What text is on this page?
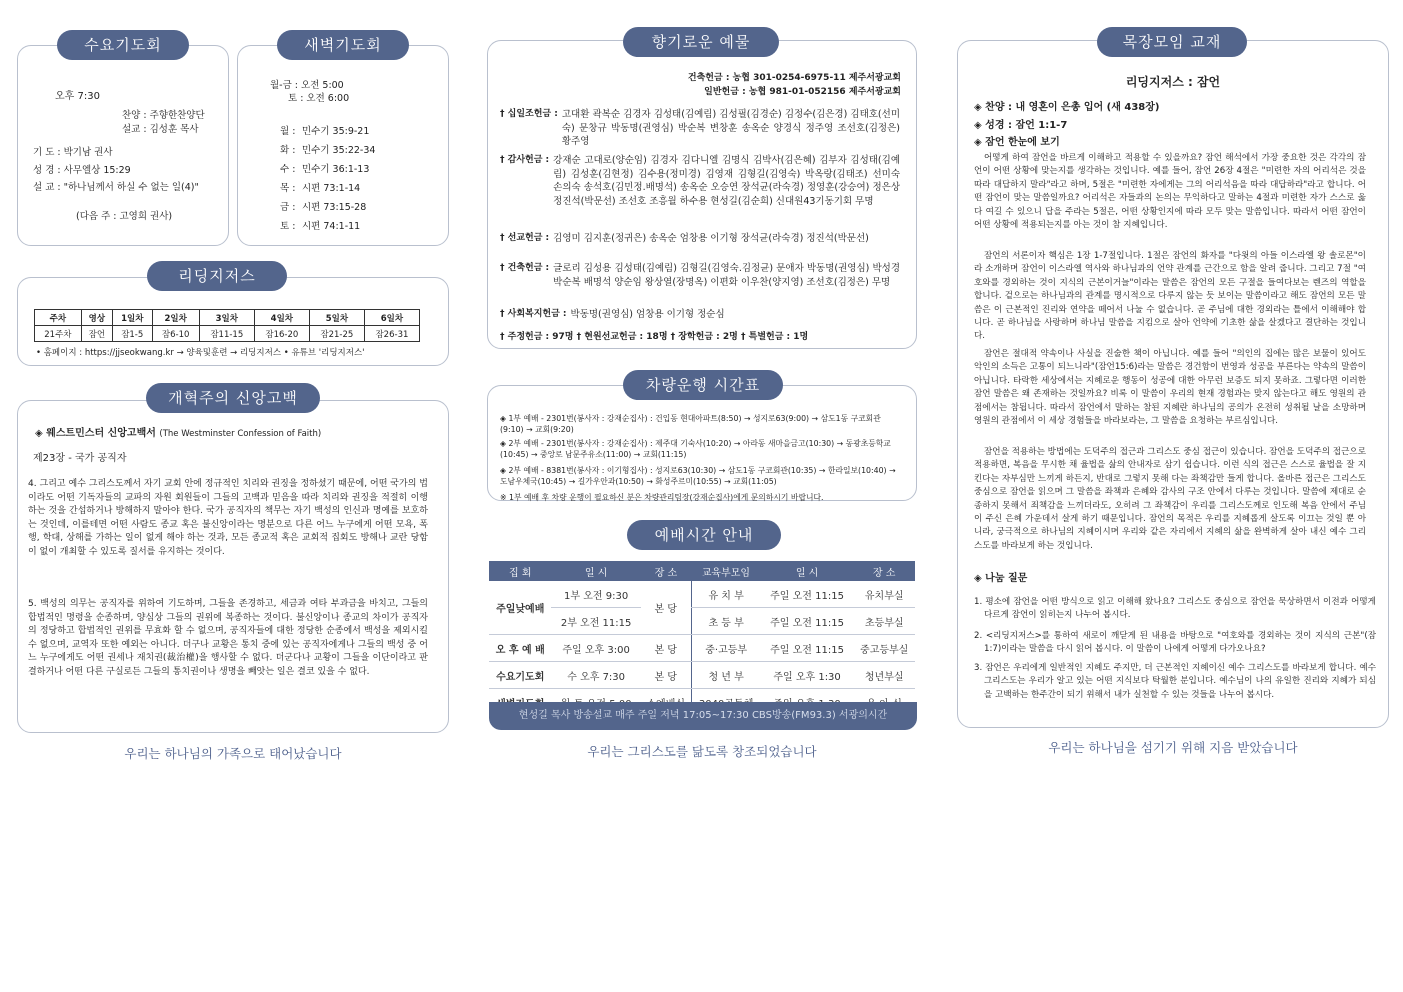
수요기도회
오후 7:30
찬양 : 주향한찬양단
설교 : 김성훈 목사
기 도 : 박기남 권사
성 경 : 사무엘상 15:29
설 교 : "하나님께서 하실 수 없는 일(4)"
(다음 주 : 고영희 권사)
새벽기도회
월-금 : 오전 5:00
토 : 오전 6:00
월 : 민수기 35:9-21
화 : 민수기 35:22-34
수 : 민수기 36:1-13
목 : 시편 73:1-14
금 : 시편 73:15-28
토 : 시편 74:1-11
리딩지저스
주차	영상	1일차	2일차	3일차	4일차	5일차	6일차
21주차	잠언	잠1-5	잠6-10	잠11-15	잠16-20	잠21-25	잠26-31
• 홈페이지 : https://jjseokwang.kr → 양육및훈련 → 리딩지저스 • 유튜브 '리딩지저스'
개혁주의 신앙고백
◈ 웨스트민스터 신앙고백서 (The Westminster Confession of Faith)
제23장 - 국가 공직자
4. 그리고 예수 그리스도께서 자기 교회 안에 정규적인 치리와 권징을 정하셨기 때문에, 어떤 국가의 법이라도 어떤 기독자들의 교파의 자원 회원들이 그들의 고백과 믿음을 따라 치리와 권징을 적절히 이행하는 것을 간섭하거나 방해하지 말아야 한다. 국가 공직자의 책무는 자기 백성의 인신과 명예를 보호하는 것인데, 이를테면 어떤 사람도 종교 혹은 불신앙이라는 명분으로 다른 어느 누구에게 어떤 모욕, 폭행, 학대, 상해를 가하는 일이 없게 해야 하는 것과, 모든 종교적 혹은 교회적 집회도 방해나 교란 당함이 없이 개최할 수 있도록 질서를 유지하는 것이다.
5. 백성의 의무는 공직자를 위하여 기도하며, 그들을 존경하고, 세금과 여타 부과금을 바치고, 그들의 합법적인 명령을 순종하며, 양심상 그들의 권위에 복종하는 것이다. 불신앙이나 종교의 차이가 공직자의 정당하고 합법적인 권위를 무효화 할 수 없으며, 공직자들에 대한 정당한 순종에서 백성을 제외시킬 수 없으며, 교역자 또한 예외는 아니다. 더구나 교황은 통치 중에 있는 공직자에게나 그들의 백성 중 어느 누구에게도 어떤 권세나 재치권(裁治權)을 행사할 수 없다. 더군다나 교황이 그들을 이단이라고 판결하거나 어떤 다른 구실로든 그들의 통치권이나 생명을 빼앗는 일은 결코 있을 수 없다.
우리는 하나님의 가족으로 태어났습니다
향기로운 예물
건축헌금 : 농협 301-0254-6975-11 제주서광교회
일반헌금 : 농협 981-01-052156 제주서광교회
† 십일조헌금 : 고대환 곽복순 김경자 김성태(김예림) 김성필(김경순) 김정수(김은경) 김태호(선미숙) 문창규 박동명(권영심) 박순복 변창훈 송옥순 양경식 정주영 조선호(김정은) 황주영
† 감사헌금 : 강재순 고대로(양순임) 김경자 김다니엘 김명식 김박사(김은혜) 김부자 김성태(김예림) 김성훈(김현정) 김수용(정미경) 김영재 김형길(김영숙) 박옥랑(김태조) 선미숙 손의숙 송석호(김민정.배명석) 송옥순 오승연 장석균(라숙경) 정영훈(강승여) 정은상 정진석(박문선) 조선호 조흥월 하수용 현성길(김순희) 신대원43기동기회 무명
† 선교헌금 : 김영미 김지훈(정귀은) 송옥순 엄창용 이기형 장석균(라숙경) 정진석(박문선)
† 건축헌금 : 글로리 김성용 김성태(김예림) 김형길(김영숙.김정균) 문애자 박동명(권영심) 박성경 박순복 배명석 양순임 왕상열(장명옥) 이편화 이우찬(양지영) 조선호(김정은) 무명
† 사회복지헌금 : 박동명(권영심) 엄창용 이기형 정순심
† 주정헌금 : 97명 † 현원선교헌금 : 18명 † 장학헌금 : 2명 † 특별헌금 : 1명
차량운행 시간표
◈ 1부 예배 - 2301번(봉사자 : 강재순집사) : 건입동 현대아파트(8:50) → 성지로63(9:00) → 삼도1동 구코회관(9:10) → 교회(9:20)
◈ 2부 예배 - 2301번(봉사자 : 강재순집사) : 제주대 기숙사(10:20) → 아라동 새마을금고(10:30) → 동광초등학교(10:45) → 중앙로 남문주유소(11:00) → 교회(11:15)
◈ 2부 예배 - 8381번(봉사자 : 이기형집사) : 성지로63(10:30) → 삼도1동 구코회관(10:35) → 한라일보(10:40) → 도남우체국(10:45) → 길가우안과(10:50) → 화성주르미(10:55) → 교회(11:05)
※ 1부 예배 후 차량 운행이 필요하신 분은 차량관리팀장(강재순집사)에게 문의하시기 바랍니다.
예배시간 안내
집 회	일 시	장 소	교육부모임	일 시	장 소
주일낮예배	1부 오전 9:30	본 당	유 치 부	주일 오전 11:15	유치부실
	2부 오전 11:15		초 등 부	주일 오전 11:15	초등부실
오 후 예 배	주일 오후 3:00	본 당	중·고등부	주일 오전 11:15	중고등부실
수요기도회	수 오후 7:30	본 당	청 년 부	주일 오후 1:30	청년부실

현성길 목사 방송설교 매주 주일 저녁 17:05~17:30 CBS방송(FM93.3) 서광의시간
우리는 그리스도를 닮도록 창조되었습니다
목장모임 교재
리딩지저스 : 잠언
◈ 찬양 : 내 영혼이 은총 입어 (새 438장)
◈ 성경 : 잠언 1:1-7
◈ 잠언 한눈에 보기
어떻게 하여 잠언을 바르게 이해하고 적용할 수 있을까요? 잠언 해석에서 가장 중요한 것은 각각의 잠언이 어떤 상황에 맞는지를 생각하는 것입니다. 예를 들어, 잠언 26장 4절은 "미련한 자의 어리석은 것을 따라 대답하지 말라"라고 하며, 5절은 "미련한 자에게는 그의 어리석음을 따라 대답하라"라고 합니다. 어떤 잠언이 맞는 말씀일까요? 어리석은 자들과의 논의는 무익하다고 말하는 4절과 미련한 자가 스스로 옳다 여길 수 있으니 답을 주라는 5절은, 어떤 상황인지에 따라 모두 맞는 말씀입니다. 따라서 어떤 잠언이 어떤 상황에 적용되는지를 아는 것이 참 지혜입니다.
잠언의 서론이자 핵심은 1장 1-7절입니다. 1절은 잠언의 화자를 "다윗의 아들 이스라엘 왕 솔로몬"이라 소개하며 잠언이 이스라엘 역사와 하나님과의 언약 관계를 근간으로 함을 알려 줍니다. 그리고 7절 "여호와를 경외하는 것이 지식의 근본이거늘"이라는 말씀은 잠언의 모든 구절을 들여다보는 렌즈의 역할을 합니다. 겉으로는 하나님과의 관계를 명시적으로 다루지 않는 듯 보이는 말씀이라고 해도 잠언의 모든 말씀은 이 근본적인 진리와 연약을 떼어서 나눌 수 없습니다. 곧 주님에 대한 경외라는 틀에서 이해해야 합니다. 곧 하나님을 사랑하며 하나님 말씀을 지킴으로 살아 언약에 기초한 삶을 살겠다고 결단하는 것입니다.
잠언은 절대적 약속이나 사실을 진술한 책이 아닙니다. 예를 들어 "의인의 집에는 많은 보물이 있어도 악인의 소득은 고통이 되느니라"(잠언15:6)라는 말씀은 경건함이 번영과 성공을 부른다는 약속의 말씀이 아닙니다. 타락한 세상에서는 지혜로운 행동이 성공에 대한 아무런 보증도 되지 못하죠. 그렇다면 이러한 잠언 말씀은 왜 존재하는 것일까요? 비록 이 말씀이 우리의 현재 경험과는 맞지 않는다고 해도 영원의 관점에서는 참됩니다. 따라서 잠언에서 말하는 참된 지혜란 하나님의 공의가 온전히 성취될 날을 소망하며 영원의 관점에서 이 세상 경험들을 바라보라는, 그 말씀을 요청하는 부르심입니다.
잠언을 적용하는 방법에는 도덕주의 접근과 그리스도 중심 접근이 있습니다. 잠언을 도덕주의 접근으로 적용하면, 복음을 무시한 채 율법을 삶의 안내자로 삼기 쉽습니다. 이런 식의 접근은 스스로 율법을 잘 지킨다는 자부심만 느끼게 하든지, 반대로 그렇지 못해 다는 좌책감만 들게 합니다. 올바른 접근은 그리스도 중심으로 잠언을 읽으며 그 말씀을 좌책과 은혜와 감사의 구조 안에서 다루는 것입니다. 말씀에 제대로 순종하지 못해서 죄책감을 느끼더라도, 오히려 그 좌책감이 우리를 그리스도께로 인도해 복음 안에서 주님이 주신 은혜 가운데서 살게 하기 때문입니다. 잠언의 목적은 우리를 지혜롭게 살도록 이끄는 것일 뿐 아니라, 궁극적으로 하나님의 지혜이시며 우리와 같은 자리에서 지혜의 삶을 완벽하게 살아 내신 예수 그리스도를 바라보게 하는 것입니다.
◈ 나눔 질문
1. 평소에 잠언을 어떤 방식으로 읽고 이해해 왔나요? 그리스도 중심으로 잠언을 묵상하면서 이전과 어떻게 다르게 잠언이 읽히는지 나누어 봅시다.
2. <리딩지저스>를 통하여 새로이 깨닫게 된 내용을 바탕으로 "여호와를 경외하는 것이 지식의 근본"(잠1:7)이라는 말씀을 다시 읽어 봅시다. 이 말씀이 나에게 어떻게 다가오나요?
3. 잠언은 우리에게 일반적인 지혜도 주지만, 더 근본적인 지혜이신 예수 그리스도를 바라보게 합니다. 예수 그리스도는 우리가 알고 있는 어떤 지식보다 탁월한 분입니다. 예수님이 나의 유일한 진리와 지혜가 되심을 고백하는 한주간이 되기 위해서 내가 실천할 수 있는 것들을 나누어 봅시다.
우리는 하나님을 섬기기 위해 지음 받았습니다
